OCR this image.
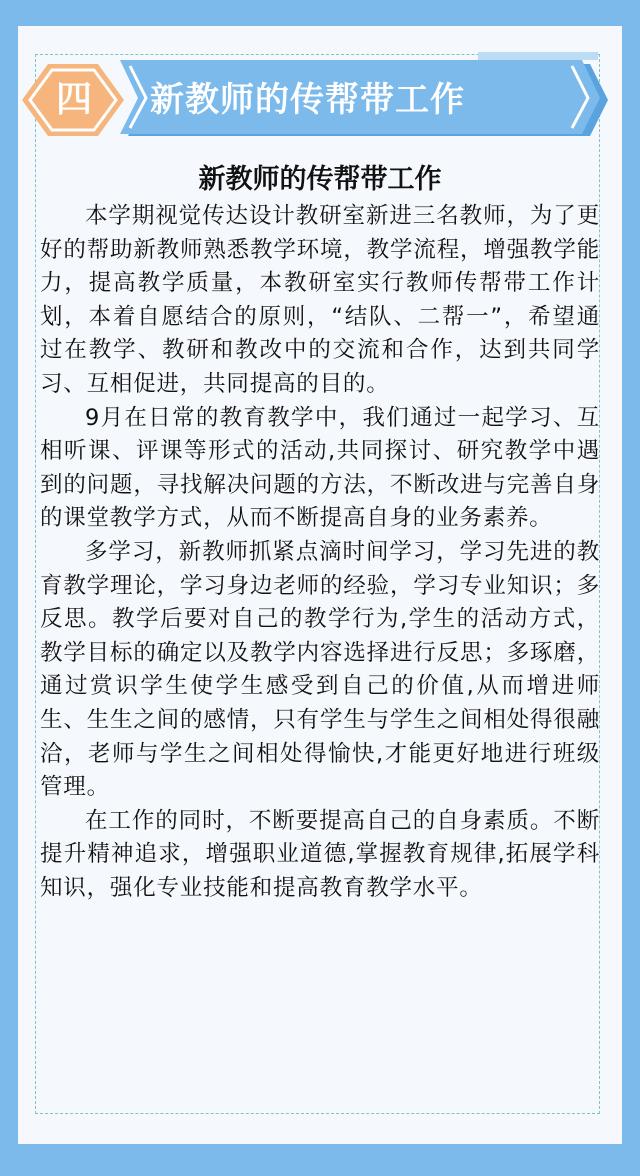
四	新教师的传帮带工作
新教师的传帮带工作

本学期视觉传达设计教研室新进三名教师，为了更好的帮助新教师熟悉教学环境，教学流程，增强教学能力，提高教学质量，本教研室实行教师传帮带工作计划，本着自愿结合的原则，“结队、二帮一”，希望通过在教学、教研和教改中的交流和合作，达到共同学习、互相促进，共同提高的目的。

9月在日常的教育教学中，我们通过一起学习、互相听课、评课等形式的活动,共同探讨、研究教学中遇到的问题，寻找解决问题的方法，不断改进与完善自身的课堂教学方式，从而不断提高自身的业务素养。

多学习，新教师抓紧点滴时间学习，学习先进的教育教学理论，学习身边老师的经验，学习专业知识；多反思。教学后要对自己的教学行为,学生的活动方式，教学目标的确定以及教学内容选择进行反思；多琢磨，通过赏识学生使学生感受到自己的价值,从而增进师生、生生之间的感情，只有学生与学生之间相处得很融洽，老师与学生之间相处得愉快,才能更好地进行班级管理。

在工作的同时，不断要提高自己的自身素质。不断提升精神追求，增强职业道德,掌握教育规律,拓展学科知识，强化专业技能和提高教育教学水平。
